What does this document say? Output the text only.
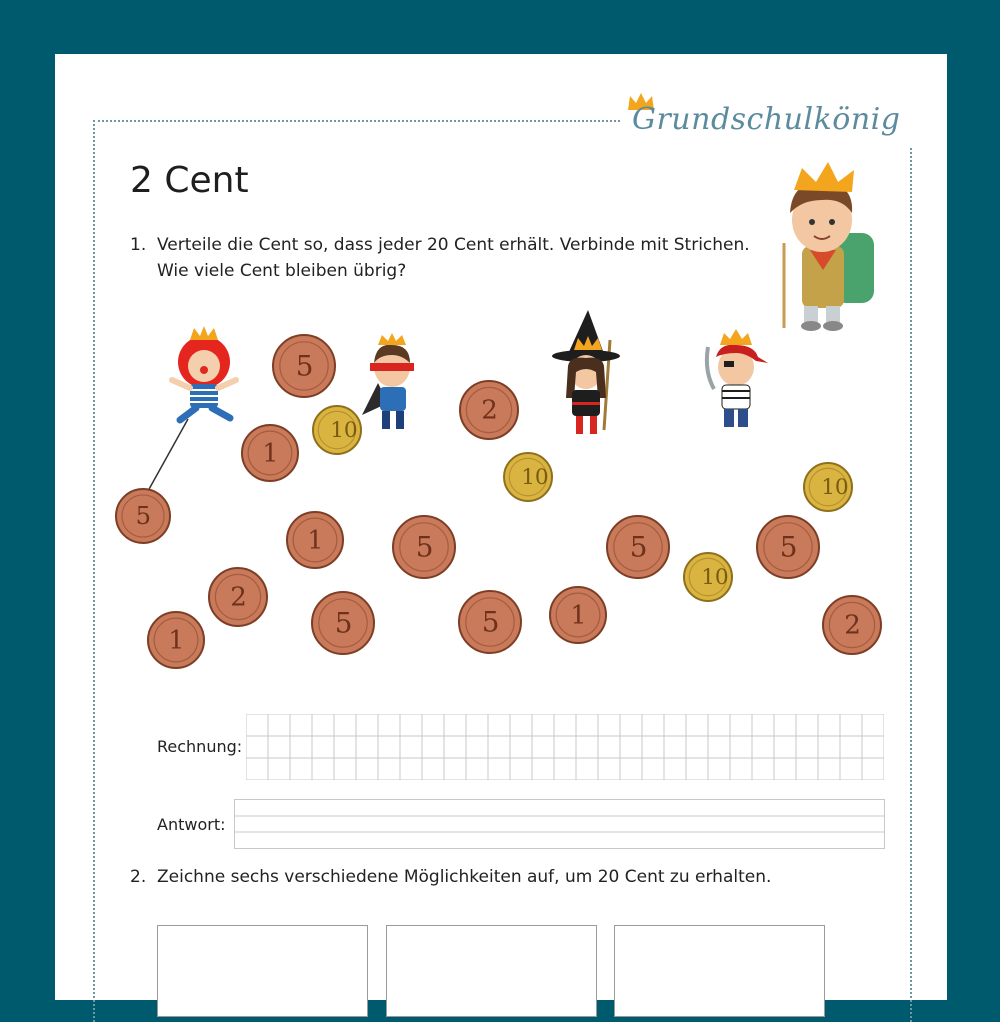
Grundschulkönig
2 Cent
1. Verteile die Cent so, dass jeder 20 Cent erhält. Verbinde mit Strichen.
Wie viele Cent bleiben übrig?
5
10
2
1
10
5
10
1	5	5	5
2
10
5	5	1	2
1
Rechnung:
Antwort:
2. Zeichne sechs verschiedene Möglichkeiten auf, um 20 Cent zu erhalten.
